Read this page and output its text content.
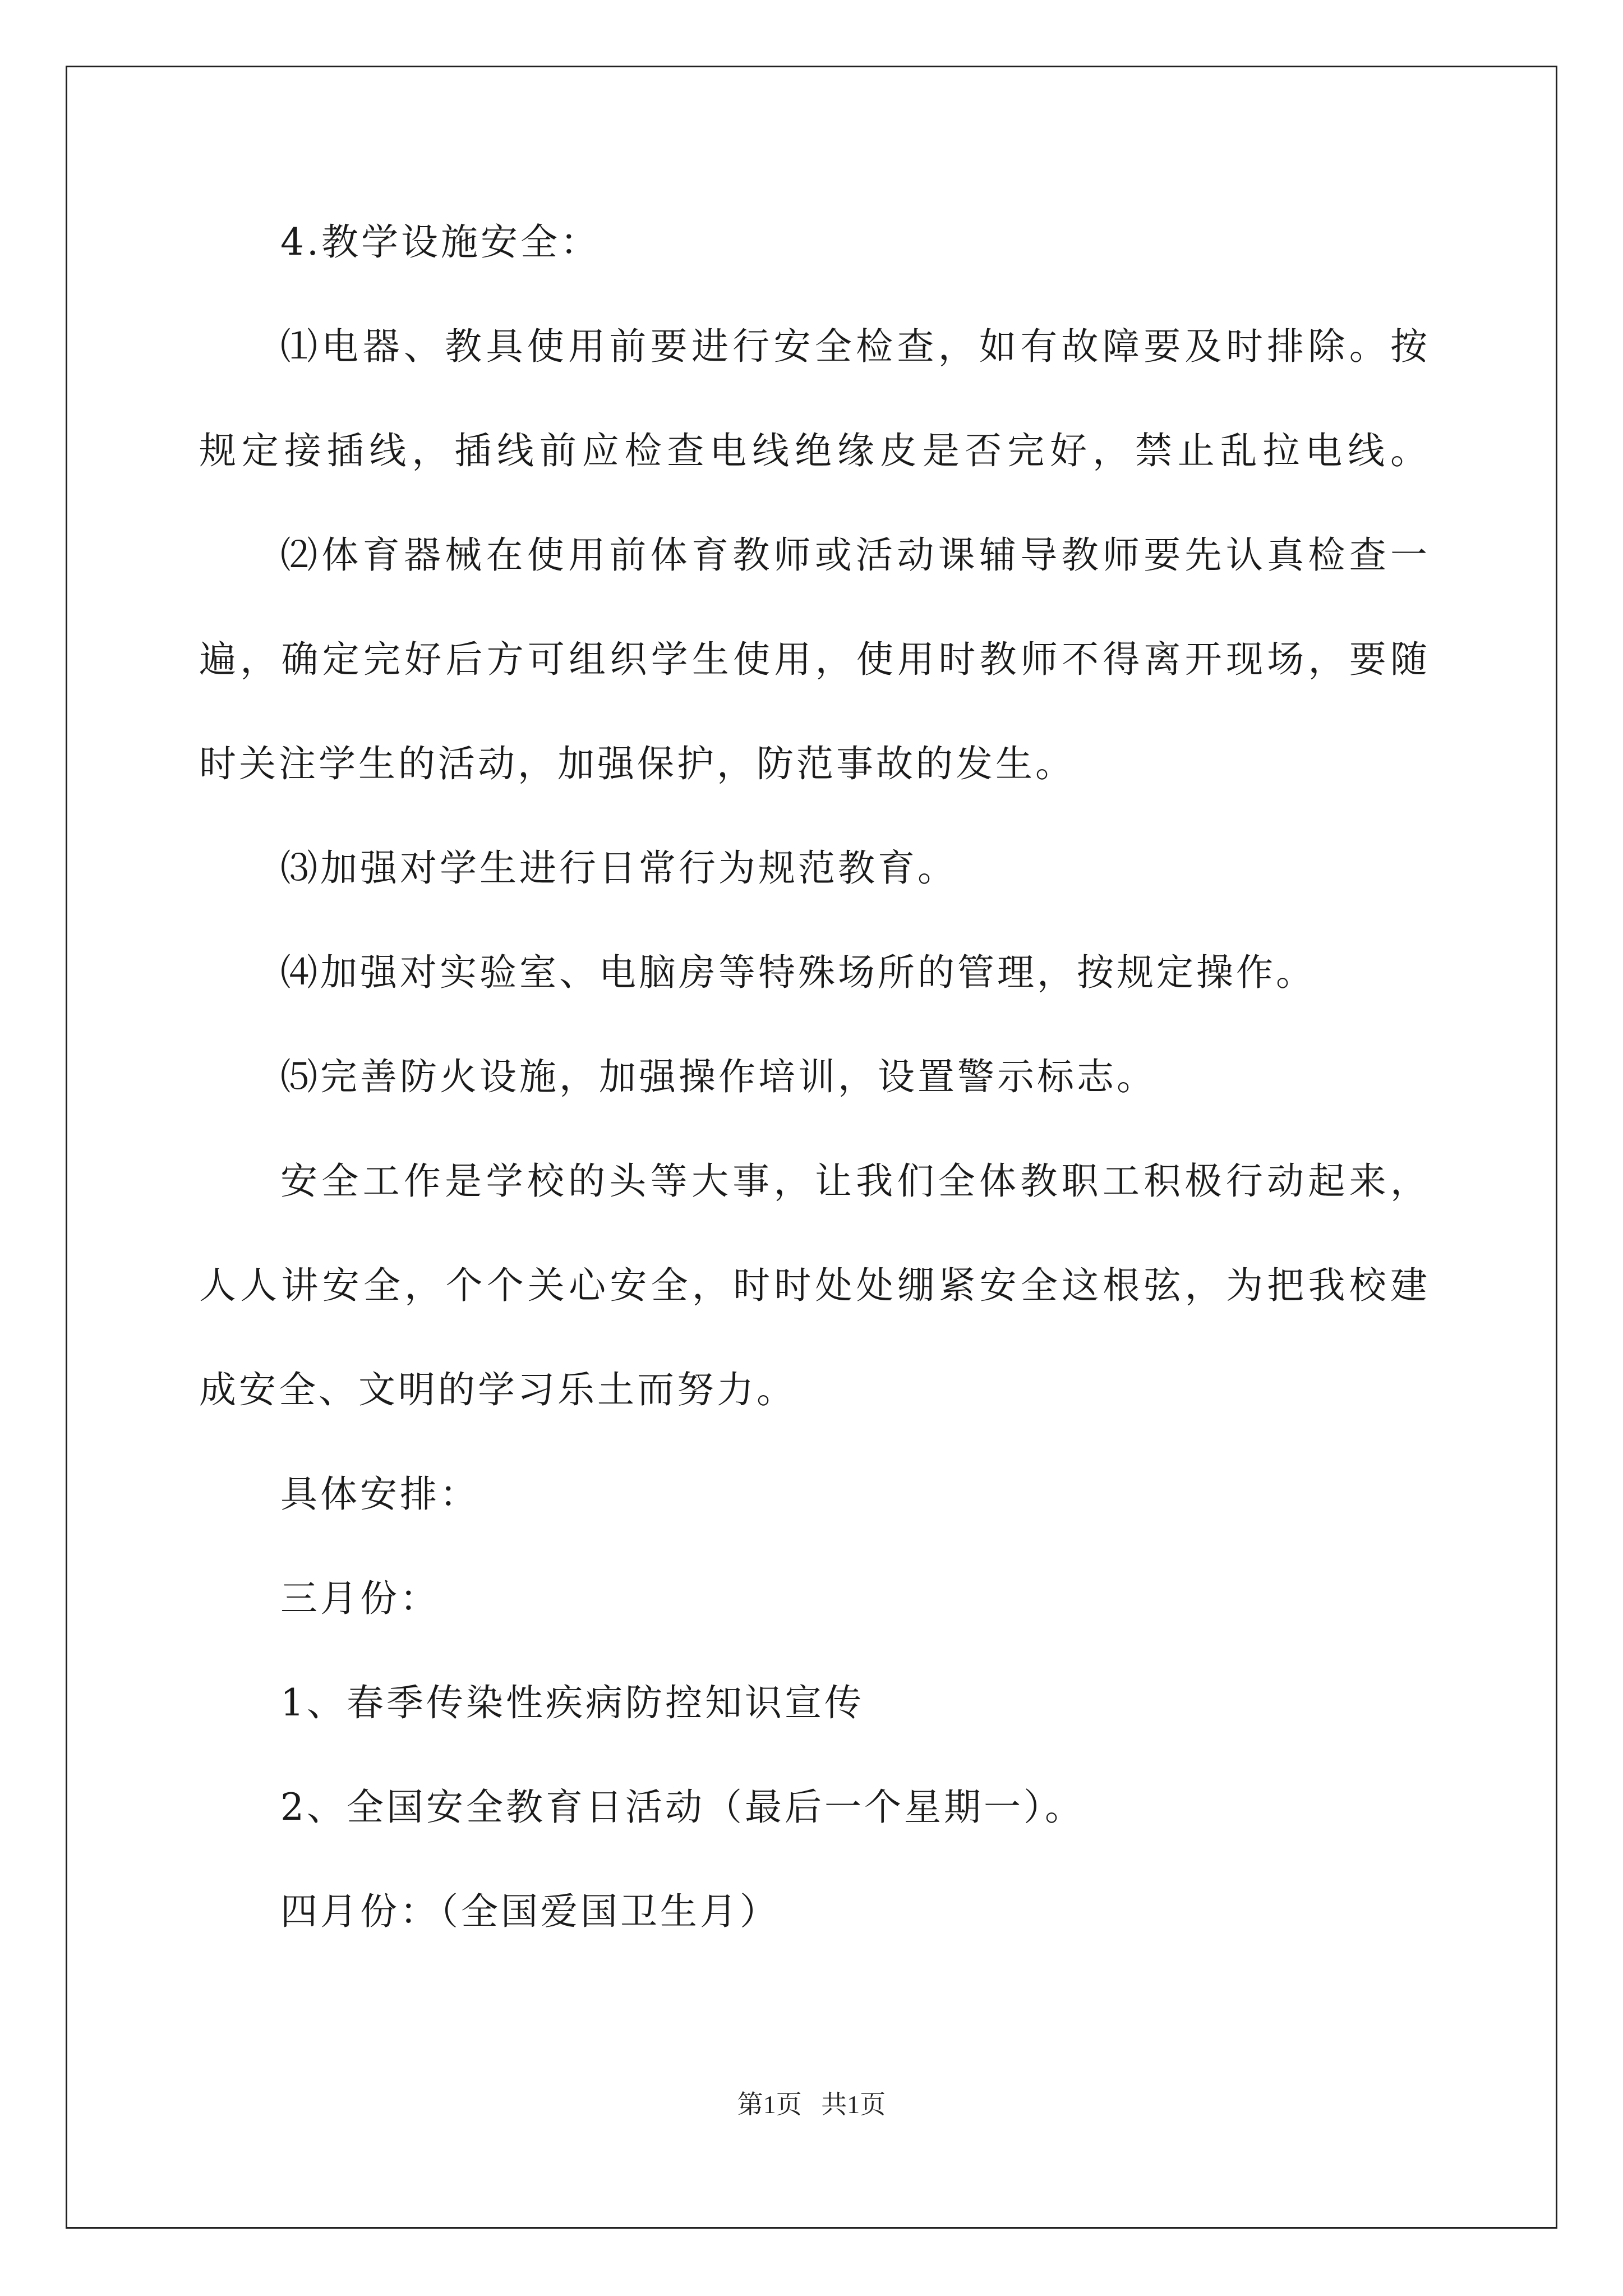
4.教学设施安全：

⑴电器、教具使用前要进行安全检查，如有故障要及时排除。按

规定接插线，插线前应检查电线绝缘皮是否完好，禁止乱拉电线。

⑵体育器械在使用前体育教师或活动课辅导教师要先认真检查一

遍，确定完好后方可组织学生使用，使用时教师不得离开现场，要随

时关注学生的活动，加强保护，防范事故的发生。

⑶加强对学生进行日常行为规范教育。

⑷加强对实验室、电脑房等特殊场所的管理，按规定操作。

⑸完善防火设施，加强操作培训，设置警示标志。

安全工作是学校的头等大事，让我们全体教职工积极行动起来，

人人讲安全，个个关心安全，时时处处绷紧安全这根弦，为把我校建

成安全、文明的学习乐土而努力。

具体安排：

三月份：

1、春季传染性疾病防控知识宣传

2、全国安全教育日活动（最后一个星期一）。

四月份：（全国爱国卫生月）

第1页   共1页
